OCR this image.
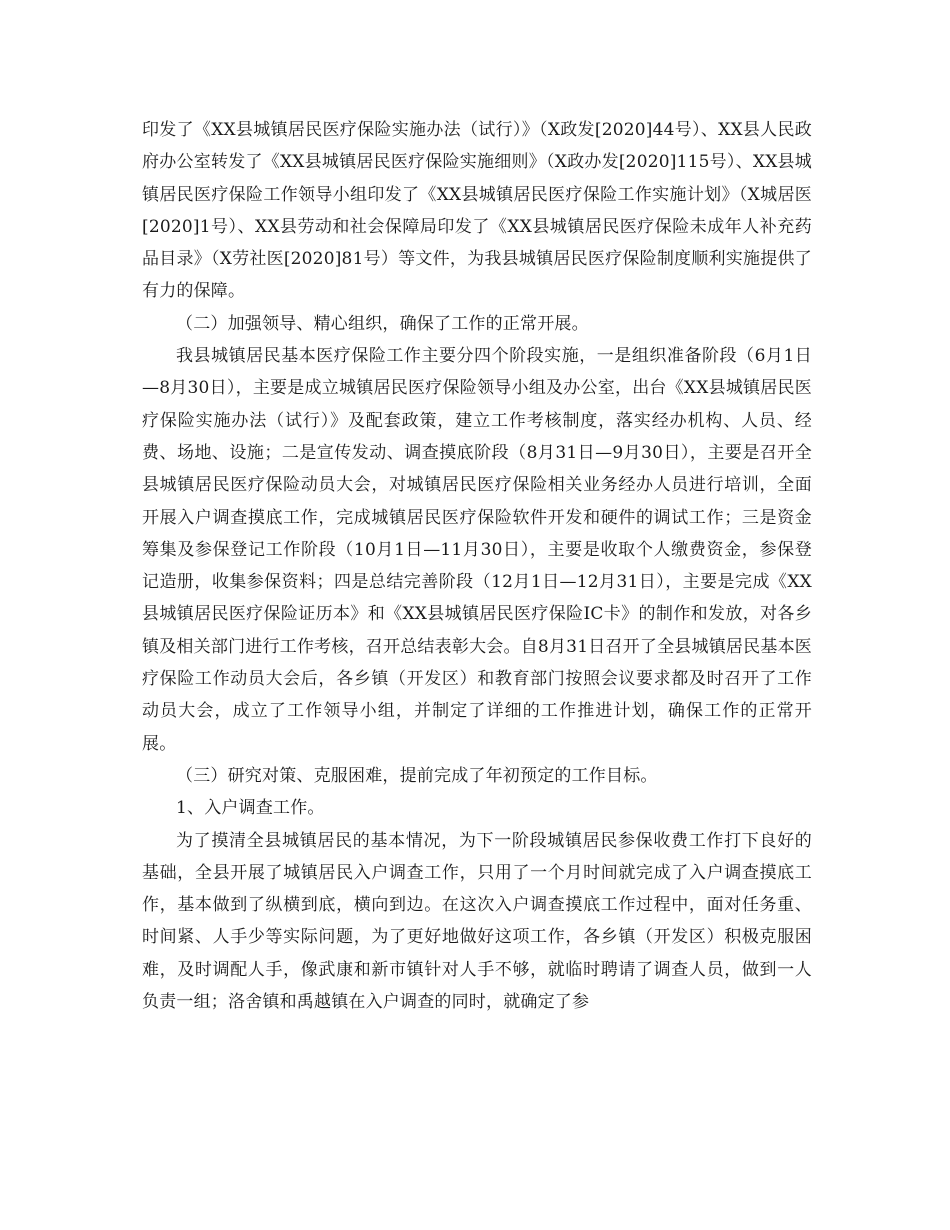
印发了《XX县城镇居民医疗保险实施办法（试行）》（X政发[2020]44号）、XX县人民政府办公室转发了《XX县城镇居民医疗保险实施细则》（X政办发[2020]115号）、XX县城镇居民医疗保险工作领导小组印发了《XX县城镇居民医疗保险工作实施计划》（X城居医[2020]1号）、XX县劳动和社会保障局印发了《XX县城镇居民医疗保险未成年人补充药品目录》（X劳社医[2020]81号）等文件，为我县城镇居民医疗保险制度顺利实施提供了有力的保障。

（二）加强领导、精心组织，确保了工作的正常开展。

我县城镇居民基本医疗保险工作主要分四个阶段实施，一是组织准备阶段（6月1日—8月30日），主要是成立城镇居民医疗保险领导小组及办公室，出台《XX县城镇居民医疗保险实施办法（试行）》及配套政策，建立工作考核制度，落实经办机构、人员、经费、场地、设施；二是宣传发动、调查摸底阶段（8月31日—9月30日），主要是召开全县城镇居民医疗保险动员大会，对城镇居民医疗保险相关业务经办人员进行培训，全面开展入户调查摸底工作，完成城镇居民医疗保险软件开发和硬件的调试工作；三是资金筹集及参保登记工作阶段（10月1日—11月30日），主要是收取个人缴费资金，参保登记造册，收集参保资料；四是总结完善阶段（12月1日—12月31日），主要是完成《XX县城镇居民医疗保险证历本》和《XX县城镇居民医疗保险IC卡》的制作和发放，对各乡镇及相关部门进行工作考核，召开总结表彰大会。自8月31日召开了全县城镇居民基本医疗保险工作动员大会后，各乡镇（开发区）和教育部门按照会议要求都及时召开了工作动员大会，成立了工作领导小组，并制定了详细的工作推进计划，确保工作的正常开展。

（三）研究对策、克服困难，提前完成了年初预定的工作目标。

1、入户调查工作。

为了摸清全县城镇居民的基本情况，为下一阶段城镇居民参保收费工作打下良好的基础，全县开展了城镇居民入户调查工作，只用了一个月时间就完成了入户调查摸底工作，基本做到了纵横到底，横向到边。在这次入户调查摸底工作过程中，面对任务重、时间紧、人手少等实际问题，为了更好地做好这项工作，各乡镇（开发区）积极克服困难，及时调配人手，像武康和新市镇针对人手不够，就临时聘请了调查人员，做到一人负责一组；洛舍镇和禹越镇在入户调查的同时，就确定了参
